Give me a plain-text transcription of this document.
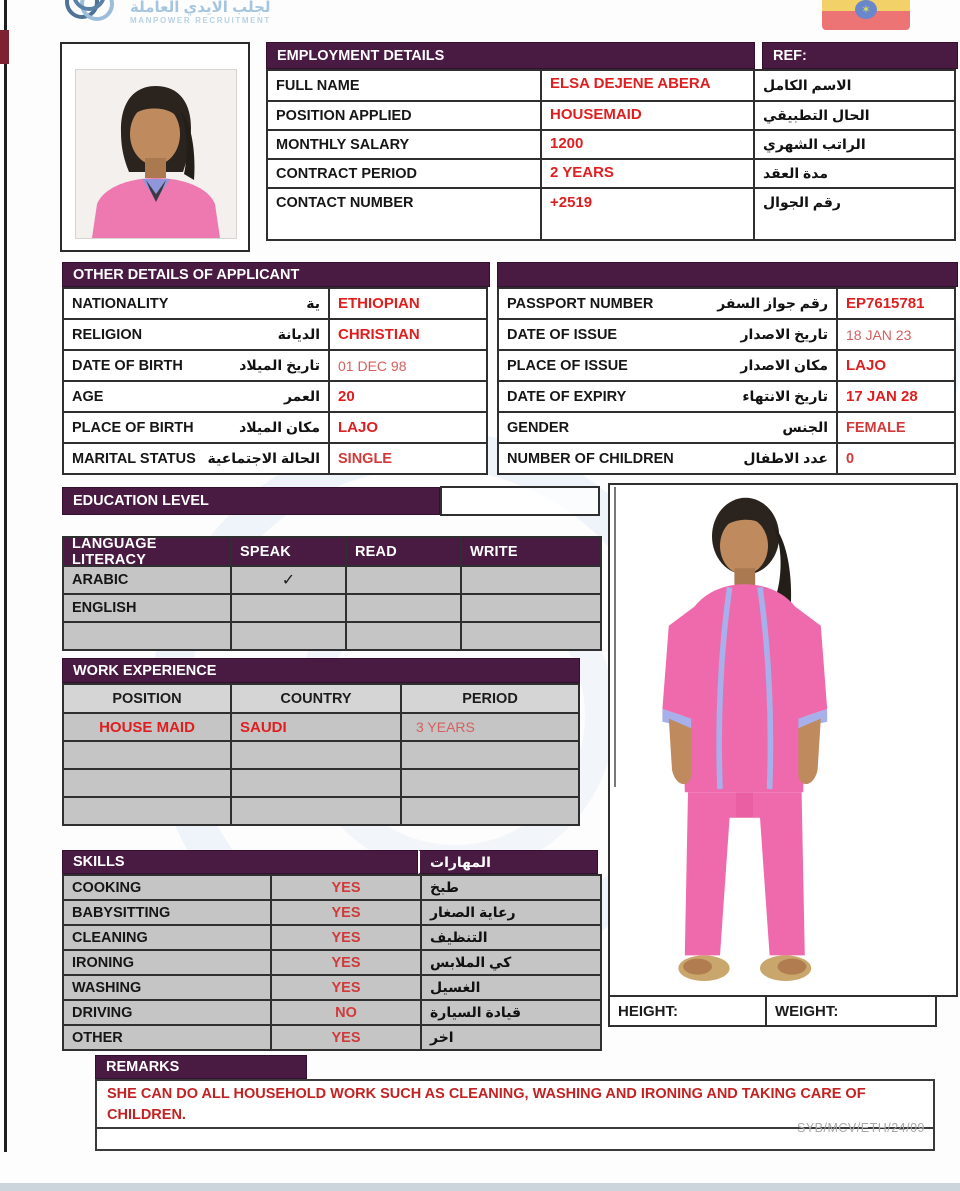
لجلب الايدي العاملة
MANPOWER RECRUITMENT
✶
EMPLOYMENT DETAILS	REF:
FULL NAME	ELSA DEJENE ABERA	الاسم الكامل
POSITION APPLIED	HOUSEMAID	الحال التطبيقي
MONTHLY SALARY	1200	الراتب الشهري
CONTRACT PERIOD	2 YEARS	مدة العقد
CONTACT NUMBER	+2519	رقم الجوال
OTHER DETAILS OF APPLICANT
NATIONALITY	ية	ETHIOPIAN
RELIGION	الديانة	CHRISTIAN
DATE OF BIRTH	تاريخ الميلاد	01 DEC 98
AGE	العمر	20
PLACE OF BIRTH	مكان الميلاد	LAJO
MARITAL STATUS الحالة الاجتماعية	SINGLE
PASSPORT NUMBER	رقم جواز السفر	EP7615781
DATE OF ISSUE	تاريخ الاصدار	18 JAN 23
PLACE OF ISSUE	مكان الاصدار	LAJO
DATE OF EXPIRY	تاريخ الانتهاء	17 JAN 28
GENDER	الجنس	FEMALE
NUMBER OF CHILDREN	عدد الاطفال	0
EDUCATION LEVEL
LANGUAGE LITERACY	SPEAK	READ	WRITE
ARABIC	✓
ENGLISH
WORK EXPERIENCE
POSITION	COUNTRY	PERIOD
HOUSE MAID	SAUDI	3 YEARS
HEIGHT:	WEIGHT:
SKILLS	المهارات
COOKING	YES	طبخ
BABYSITTING	YES	رعاية الصغار
CLEANING	YES	التنظيف
IRONING	YES	كي الملابس
WASHING	YES	الغسيل
DRIVING	NO	قيادة السيارة
OTHER	YES	اخر
REMARKS
SHE CAN DO ALL HOUSEHOLD WORK SUCH AS CLEANING, WASHING AND IRONING AND TAKING CARE OF CHILDREN.
SYB/MCV/ETH/24/09
